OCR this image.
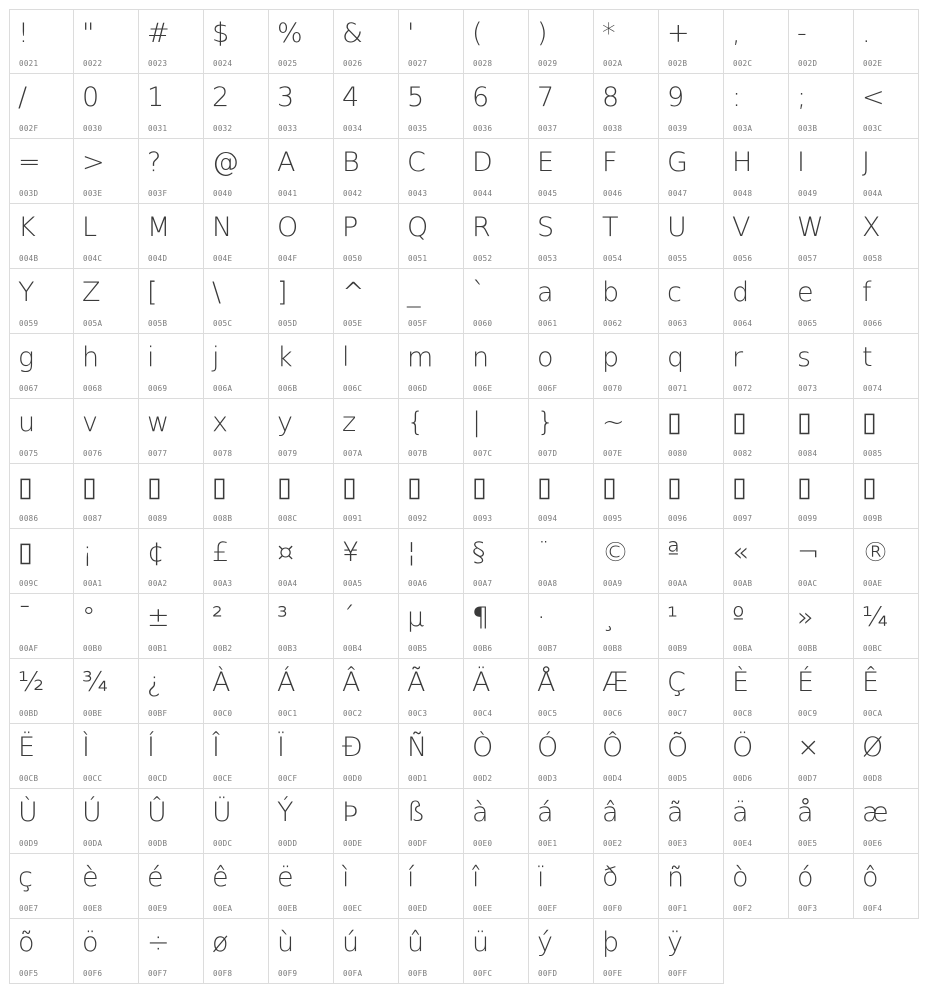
!
0021
"
0022
#
0023
$
0024
%
0025
&
0026
'
0027
(
0028
)
0029
*
002A
+
002B
,
002C
-
002D
.
002E
/
002F
0
0030
1
0031
2
0032
3
0033
4
0034
5
0035
6
0036
7
0037
8
0038
9
0039
:
003A
;
003B
<
003C
=
003D
>
003E
?
003F
@
0040
A
0041
B
0042
C
0043
D
0044
E
0045
F
0046
G
0047
H
0048
I
0049
J
004A
K
004B
L
004C
M
004D
N
004E
O
004F
P
0050
Q
0051
R
0052
S
0053
T
0054
U
0055
V
0056
W
0057
X
0058
Y
0059
Z
005A
[
005B
\
005C
]
005D
^
005E
_
005F
`
0060
a
0061
b
0062
c
0063
d
0064
e
0065
f
0066
g
0067
h
0068
i
0069
j
006A
k
006B
l
006C
m
006D
n
006E
o
006F
p
0070
q
0071
r
0072
s
0073
t
0074
u
0075
v
0076
w
0077
x
0078
y
0079
z
007A
{
007B
|
007C
}
007D
~
007E
▯
0080
▯
0082
▯
0084
▯
0085
▯
0086
▯
0087
▯
0089
▯
008B
▯
008C
▯
0091
▯
0092
▯
0093
▯
0094
▯
0095
▯
0096
▯
0097
▯
0099
▯
009B
▯
009C
¡
00A1
¢
00A2
£
00A3
¤
00A4
¥
00A5
¦
00A6
§
00A7
¨
00A8
©
00A9
ª
00AA
«
00AB
¬
00AC
®
00AE
¯
00AF
°
00B0
±
00B1
²
00B2
³
00B3
´
00B4
µ
00B5
¶
00B6
·
00B7
¸
00B8
¹
00B9
º
00BA
»
00BB
¼
00BC
½
00BD
¾
00BE
¿
00BF
À
00C0
Á
00C1
Â
00C2
Ã
00C3
Ä
00C4
Å
00C5
Æ
00C6
Ç
00C7
È
00C8
É
00C9
Ê
00CA
Ë
00CB
Ì
00CC
Í
00CD
Î
00CE
Ï
00CF
Ð
00D0
Ñ
00D1
Ò
00D2
Ó
00D3
Ô
00D4
Õ
00D5
Ö
00D6
×
00D7
Ø
00D8
Ù
00D9
Ú
00DA
Û
00DB
Ü
00DC
Ý
00DD
Þ
00DE
ß
00DF
à
00E0
á
00E1
â
00E2
ã
00E3
ä
00E4
å
00E5
æ
00E6
ç
00E7
è
00E8
é
00E9
ê
00EA
ë
00EB
ì
00EC
í
00ED
î
00EE
ï
00EF
ð
00F0
ñ
00F1
ò
00F2
ó
00F3
ô
00F4
õ
00F5
ö
00F6
÷
00F7
ø
00F8
ù
00F9
ú
00FA
û
00FB
ü
00FC
ý
00FD
þ
00FE
ÿ
00FF
